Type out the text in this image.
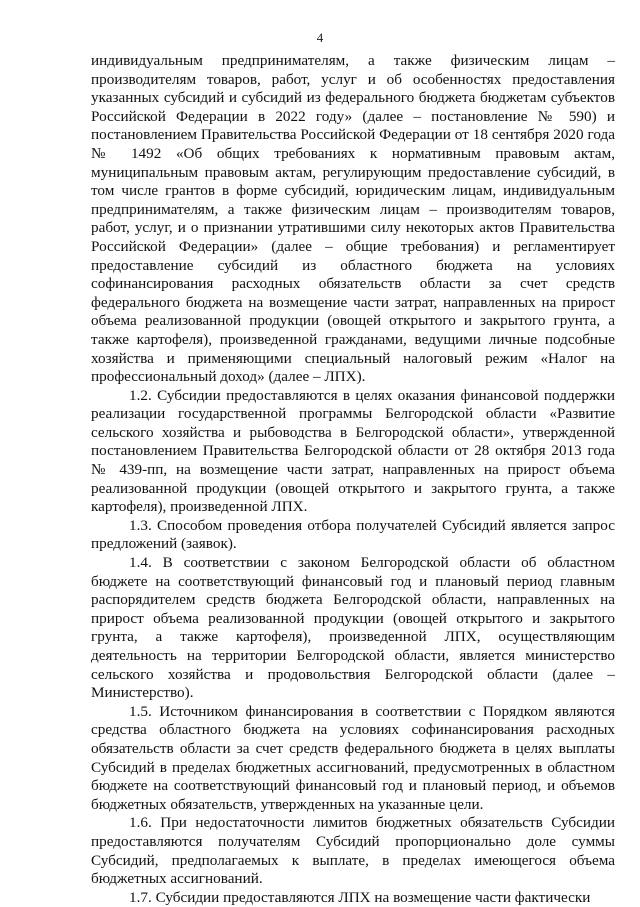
4

индивидуальным предпринимателям, а также физическим лицам – производителям товаров, работ, услуг и об особенностях предоставления указанных субсидий и субсидий из федерального бюджета бюджетам субъектов Российской Федерации в 2022 году» (далее – постановление № 590) и постановлением Правительства Российской Федерации от 18 сентября 2020 года № 1492 «Об общих требованиях к нормативным правовым актам, муниципальным правовым актам, регулирующим предоставление субсидий, в том числе грантов в форме субсидий, юридическим лицам, индивидуальным предпринимателям, а также физическим лицам – производителям товаров, работ, услуг, и о признании утратившими силу некоторых актов Правительства Российской Федерации» (далее – общие требования) и регламентирует предоставление субсидий из областного бюджета на условиях софинансирования расходных обязательств области за счет средств федерального бюджета на возмещение части затрат, направленных на прирост объема реализованной продукции (овощей открытого и закрытого грунта, а также картофеля), произведенной гражданами, ведущими личные подсобные хозяйства и применяющими специальный налоговый режим «Налог на профессиональный доход» (далее – ЛПХ).

1.2. Субсидии предоставляются в целях оказания финансовой поддержки реализации государственной программы Белгородской области «Развитие сельского хозяйства и рыбоводства в Белгородской области», утвержденной постановлением Правительства Белгородской области от 28 октября 2013 года № 439-пп, на возмещение части затрат, направленных на прирост объема реализованной продукции (овощей открытого и закрытого грунта, а также картофеля), произведенной ЛПХ.

1.3. Способом проведения отбора получателей Субсидий является запрос предложений (заявок).

1.4. В соответствии с законом Белгородской области об областном бюджете на соответствующий финансовый год и плановый период главным распорядителем средств бюджета Белгородской области, направленных на прирост объема реализованной продукции (овощей открытого и закрытого грунта, а также картофеля), произведенной ЛПХ, осуществляющим деятельность на территории Белгородской области, является министерство сельского хозяйства и продовольствия Белгородской области (далее – Министерство).

1.5. Источником финансирования в соответствии с Порядком являются средства областного бюджета на условиях софинансирования расходных обязательств области за счет средств федерального бюджета в целях выплаты Субсидий в пределах бюджетных ассигнований, предусмотренных в областном бюджете на соответствующий финансовый год и плановый период, и объемов бюджетных обязательств, утвержденных на указанные цели.

1.6. При недостаточности лимитов бюджетных обязательств Субсидии предоставляются получателям Субсидий пропорционально доле суммы Субсидий, предполагаемых к выплате, в пределах имеющегося объема бюджетных ассигнований.

1.7. Субсидии предоставляются ЛПХ на возмещение части фактически
